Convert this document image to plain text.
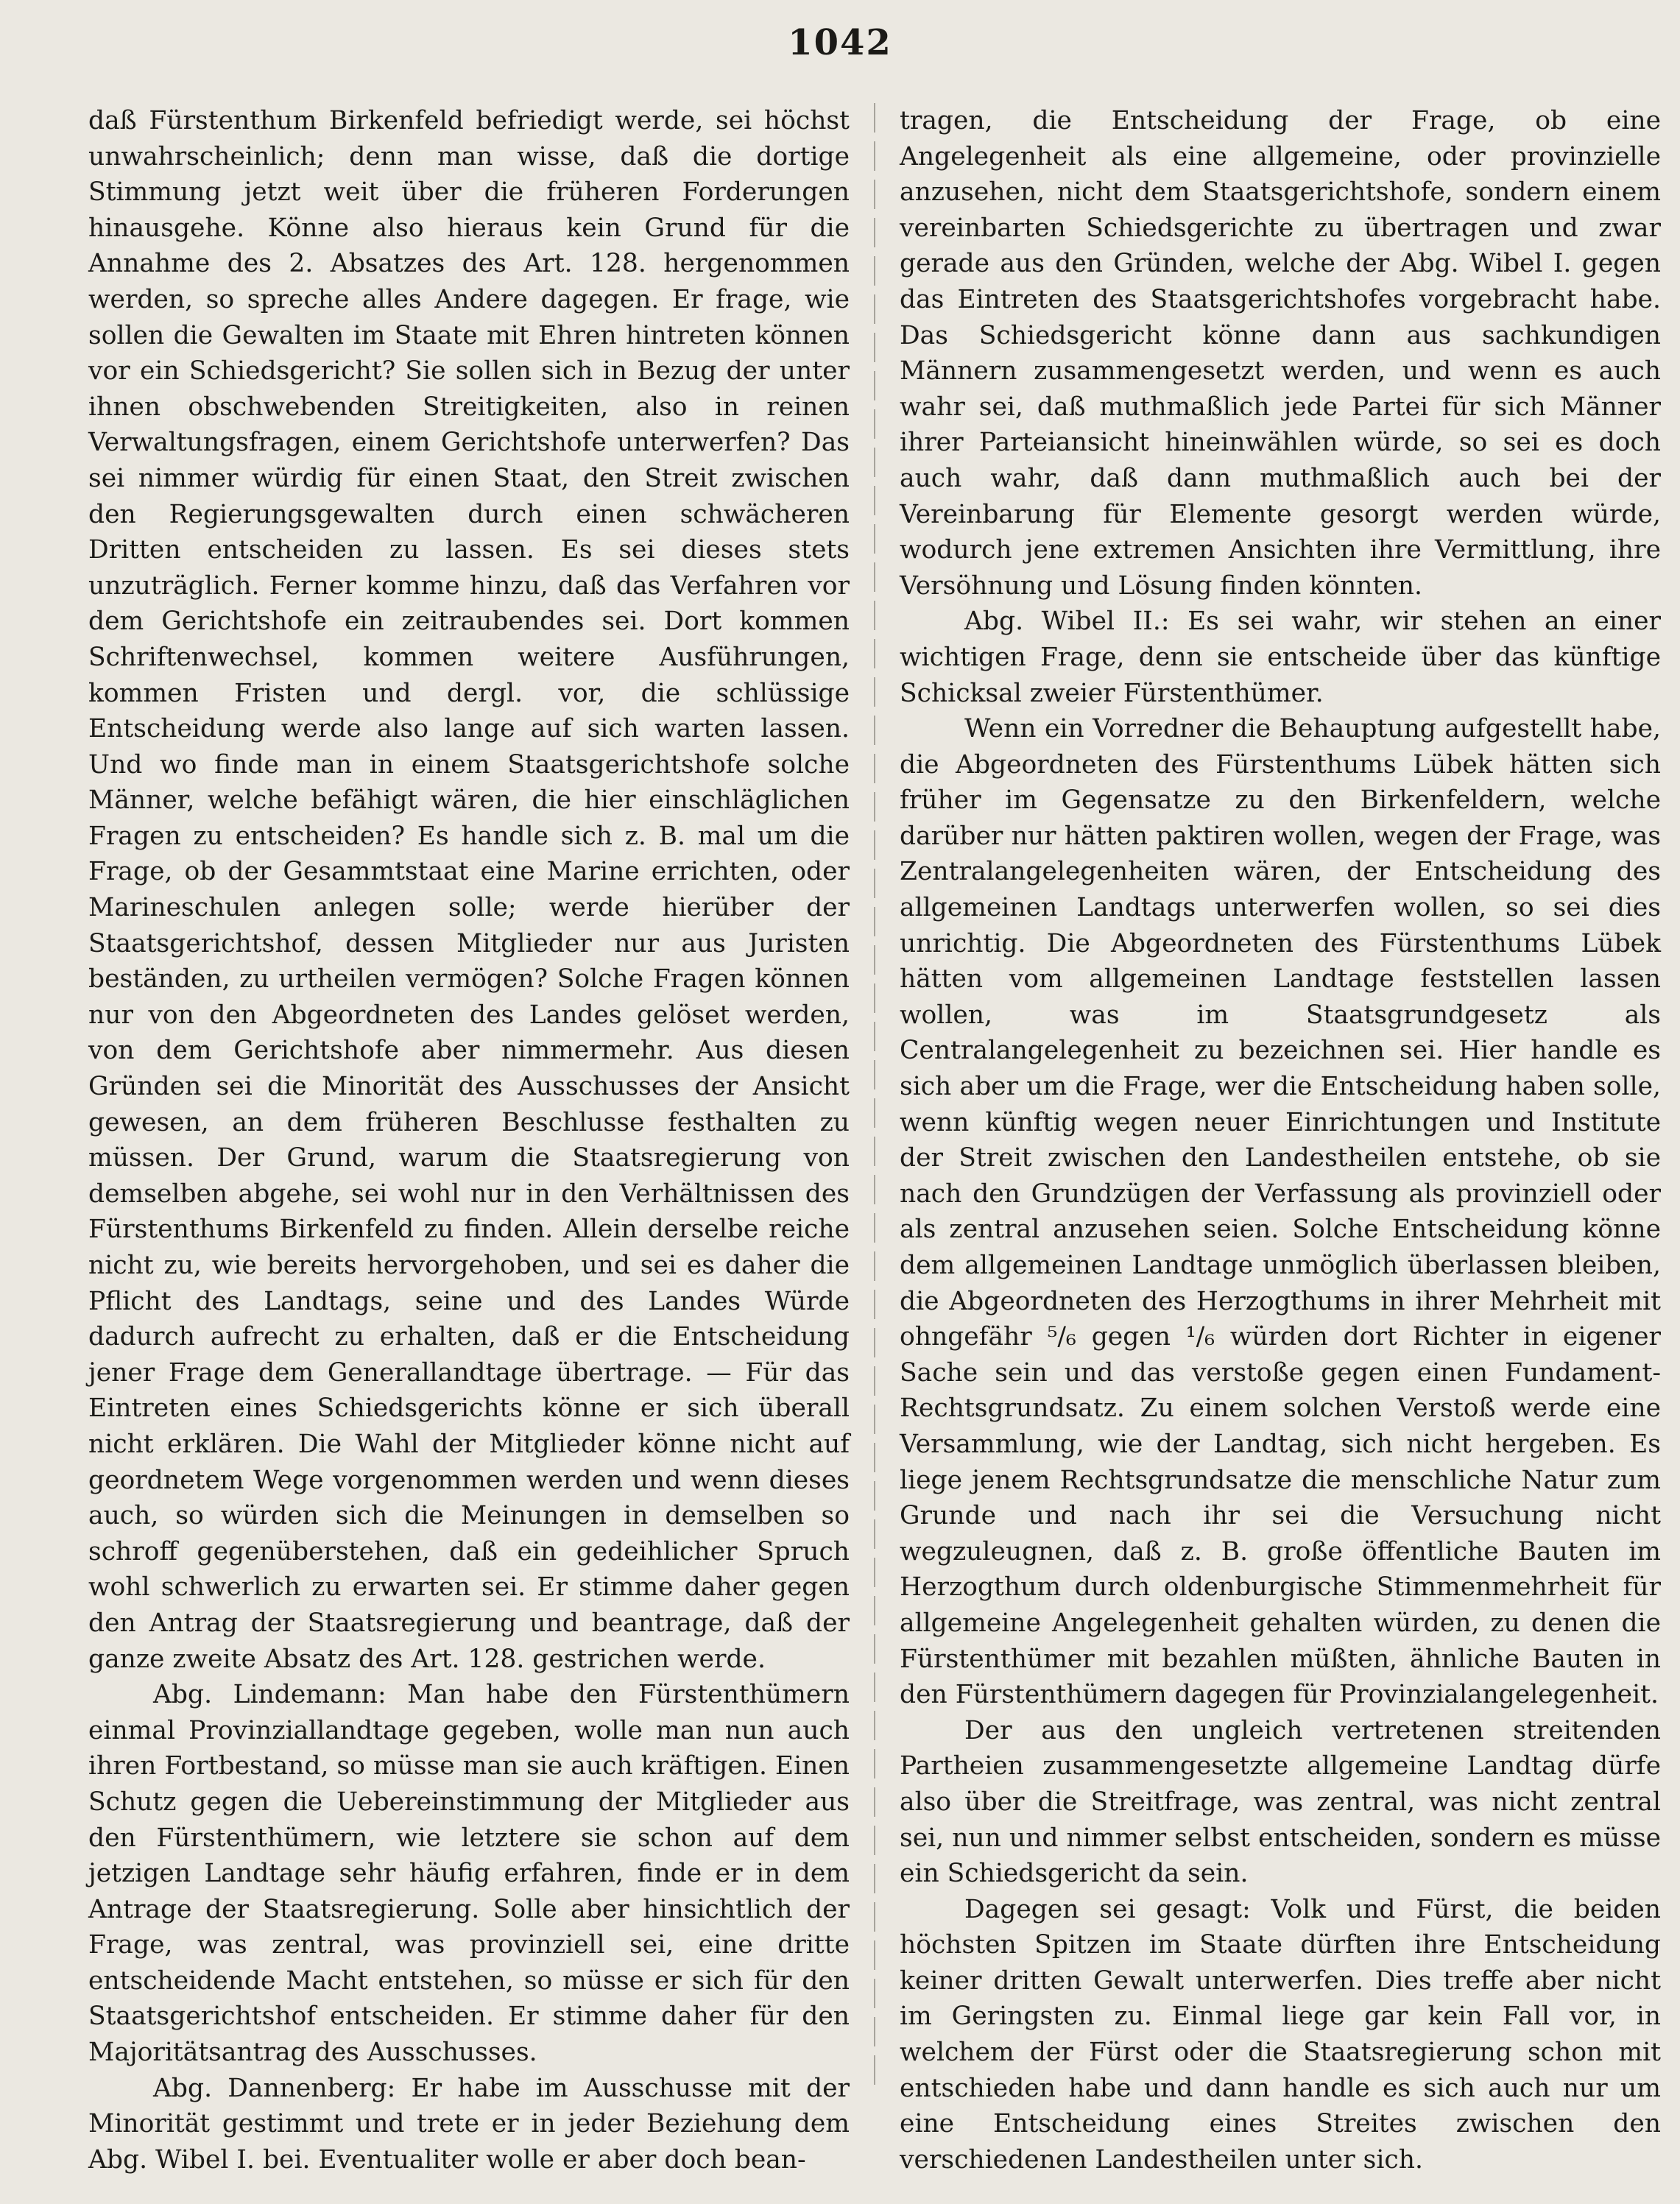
1042

daß Fürstenthum Birkenfeld befriedigt werde, sei höchst unwahrscheinlich; denn man wisse, daß die dortige Stimmung jetzt weit über die früheren Forderungen hinausgehe. Könne also hieraus kein Grund für die Annahme des 2. Absatzes des Art. 128. hergenommen werden, so spreche alles Andere dagegen. Er frage, wie sollen die Gewalten im Staate mit Ehren hintreten können vor ein Schiedsgericht? Sie sollen sich in Bezug der unter ihnen obschwebenden Streitigkeiten, also in reinen Verwaltungsfragen, einem Gerichtshofe unterwerfen? Das sei nimmer würdig für einen Staat, den Streit zwischen den Regierungsgewalten durch einen schwächeren Dritten entscheiden zu lassen. Es sei dieses stets unzuträglich. Ferner komme hinzu, daß das Verfahren vor dem Gerichtshofe ein zeitraubendes sei. Dort kommen Schriftenwechsel, kommen weitere Ausführungen, kommen Fristen und dergl. vor, die schlüssige Entscheidung werde also lange auf sich warten lassen. Und wo finde man in einem Staatsgerichtshofe solche Männer, welche befähigt wären, die hier einschläglichen Fragen zu entscheiden? Es handle sich z. B. mal um die Frage, ob der Gesammtstaat eine Marine errichten, oder Marineschulen anlegen solle; werde hierüber der Staatsgerichtshof, dessen Mitglieder nur aus Juristen beständen, zu urtheilen vermögen? Solche Fragen können nur von den Abgeordneten des Landes gelöset werden, von dem Gerichtshofe aber nimmermehr. Aus diesen Gründen sei die Minorität des Ausschusses der Ansicht gewesen, an dem früheren Beschlusse festhalten zu müssen. Der Grund, warum die Staatsregierung von demselben abgehe, sei wohl nur in den Verhältnissen des Fürstenthums Birkenfeld zu finden. Allein derselbe reiche nicht zu, wie bereits hervorgehoben, und sei es daher die Pflicht des Landtags, seine und des Landes Würde dadurch aufrecht zu erhalten, daß er die Entscheidung jener Frage dem Generallandtage übertrage. — Für das Eintreten eines Schiedsgerichts könne er sich überall nicht erklären. Die Wahl der Mitglieder könne nicht auf geordnetem Wege vorgenommen werden und wenn dieses auch, so würden sich die Meinungen in demselben so schroff gegenüberstehen, daß ein gedeihlicher Spruch wohl schwerlich zu erwarten sei. Er stimme daher gegen den Antrag der Staatsregierung und beantrage, daß der ganze zweite Absatz des Art. 128. gestrichen werde.

Abg. Lindemann: Man habe den Fürstenthümern einmal Provinziallandtage gegeben, wolle man nun auch ihren Fortbestand, so müsse man sie auch kräftigen. Einen Schutz gegen die Uebereinstimmung der Mitglieder aus den Fürstenthümern, wie letztere sie schon auf dem jetzigen Landtage sehr häufig erfahren, finde er in dem Antrage der Staatsregierung. Solle aber hinsichtlich der Frage, was zentral, was provinziell sei, eine dritte entscheidende Macht entstehen, so müsse er sich für den Staatsgerichtshof entscheiden. Er stimme daher für den Majoritätsantrag des Ausschusses.

Abg. Dannenberg: Er habe im Ausschusse mit der Minorität gestimmt und trete er in jeder Beziehung dem Abg. Wibel I. bei. Eventualiter wolle er aber doch bean-

tragen, die Entscheidung der Frage, ob eine Angelegenheit als eine allgemeine, oder provinzielle anzusehen, nicht dem Staatsgerichtshofe, sondern einem vereinbarten Schiedsgerichte zu übertragen und zwar gerade aus den Gründen, welche der Abg. Wibel I. gegen das Eintreten des Staatsgerichtshofes vorgebracht habe. Das Schiedsgericht könne dann aus sachkundigen Männern zusammengesetzt werden, und wenn es auch wahr sei, daß muthmaßlich jede Partei für sich Männer ihrer Parteiansicht hineinwählen würde, so sei es doch auch wahr, daß dann muthmaßlich auch bei der Vereinbarung für Elemente gesorgt werden würde, wodurch jene extremen Ansichten ihre Vermittlung, ihre Versöhnung und Lösung finden könnten.

Abg. Wibel II.: Es sei wahr, wir stehen an einer wichtigen Frage, denn sie entscheide über das künftige Schicksal zweier Fürstenthümer.

Wenn ein Vorredner die Behauptung aufgestellt habe, die Abgeordneten des Fürstenthums Lübek hätten sich früher im Gegensatze zu den Birkenfeldern, welche darüber nur hätten paktiren wollen, wegen der Frage, was Zentralangelegenheiten wären, der Entscheidung des allgemeinen Landtags unterwerfen wollen, so sei dies unrichtig. Die Abgeordneten des Fürstenthums Lübek hätten vom allgemeinen Landtage feststellen lassen wollen, was im Staatsgrundgesetz als Centralangelegenheit zu bezeichnen sei. Hier handle es sich aber um die Frage, wer die Entscheidung haben solle, wenn künftig wegen neuer Einrichtungen und Institute der Streit zwischen den Landestheilen entstehe, ob sie nach den Grundzügen der Verfassung als provinziell oder als zentral anzusehen seien. Solche Entscheidung könne dem allgemeinen Landtage unmöglich überlassen bleiben, die Abgeordneten des Herzogthums in ihrer Mehrheit mit ohngefähr ⁵/₆ gegen ¹/₆ würden dort Richter in eigener Sache sein und das verstoße gegen einen Fundament-Rechtsgrundsatz. Zu einem solchen Verstoß werde eine Versammlung, wie der Landtag, sich nicht hergeben. Es liege jenem Rechtsgrundsatze die menschliche Natur zum Grunde und nach ihr sei die Versuchung nicht wegzuleugnen, daß z. B. große öffentliche Bauten im Herzogthum durch oldenburgische Stimmenmehrheit für allgemeine Angelegenheit gehalten würden, zu denen die Fürstenthümer mit bezahlen müßten, ähnliche Bauten in den Fürstenthümern dagegen für Provinzialangelegenheit.

Der aus den ungleich vertretenen streitenden Partheien zusammengesetzte allgemeine Landtag dürfe also über die Streitfrage, was zentral, was nicht zentral sei, nun und nimmer selbst entscheiden, sondern es müsse ein Schiedsgericht da sein.

Dagegen sei gesagt: Volk und Fürst, die beiden höchsten Spitzen im Staate dürften ihre Entscheidung keiner dritten Gewalt unterwerfen. Dies treffe aber nicht im Geringsten zu. Einmal liege gar kein Fall vor, in welchem der Fürst oder die Staatsregierung schon mit entschieden habe und dann handle es sich auch nur um eine Entscheidung eines Streites zwischen den verschiedenen Landestheilen unter sich.
